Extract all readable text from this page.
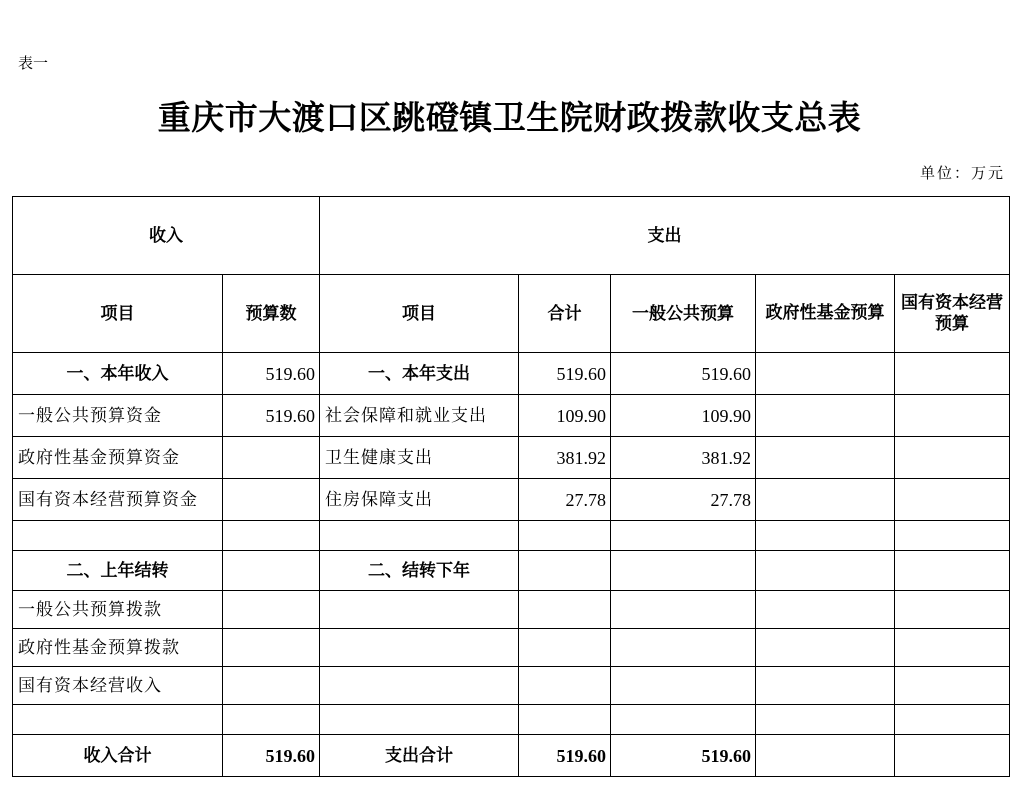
表一
重庆市大渡口区跳磴镇卫生院财政拨款收支总表
单位：万元
收入		支出				
项目	预算数	项目	合计	一般公共预算	政府性基金预算	国有资本经营预算
一、本年收入	519.60	一、本年支出	519.60	519.60		
一般公共预算资金	519.60	社会保障和就业支出	109.90	109.90		
政府性基金预算资金		卫生健康支出	381.92	381.92		
国有资本经营预算资金		住房保障支出	27.78	27.78		

二、上年结转		二、结转下年				
一般公共预算拨款						
政府性基金预算拨款						
国有资本经营收入						

收入合计	519.60	支出合计	519.60	519.60		
